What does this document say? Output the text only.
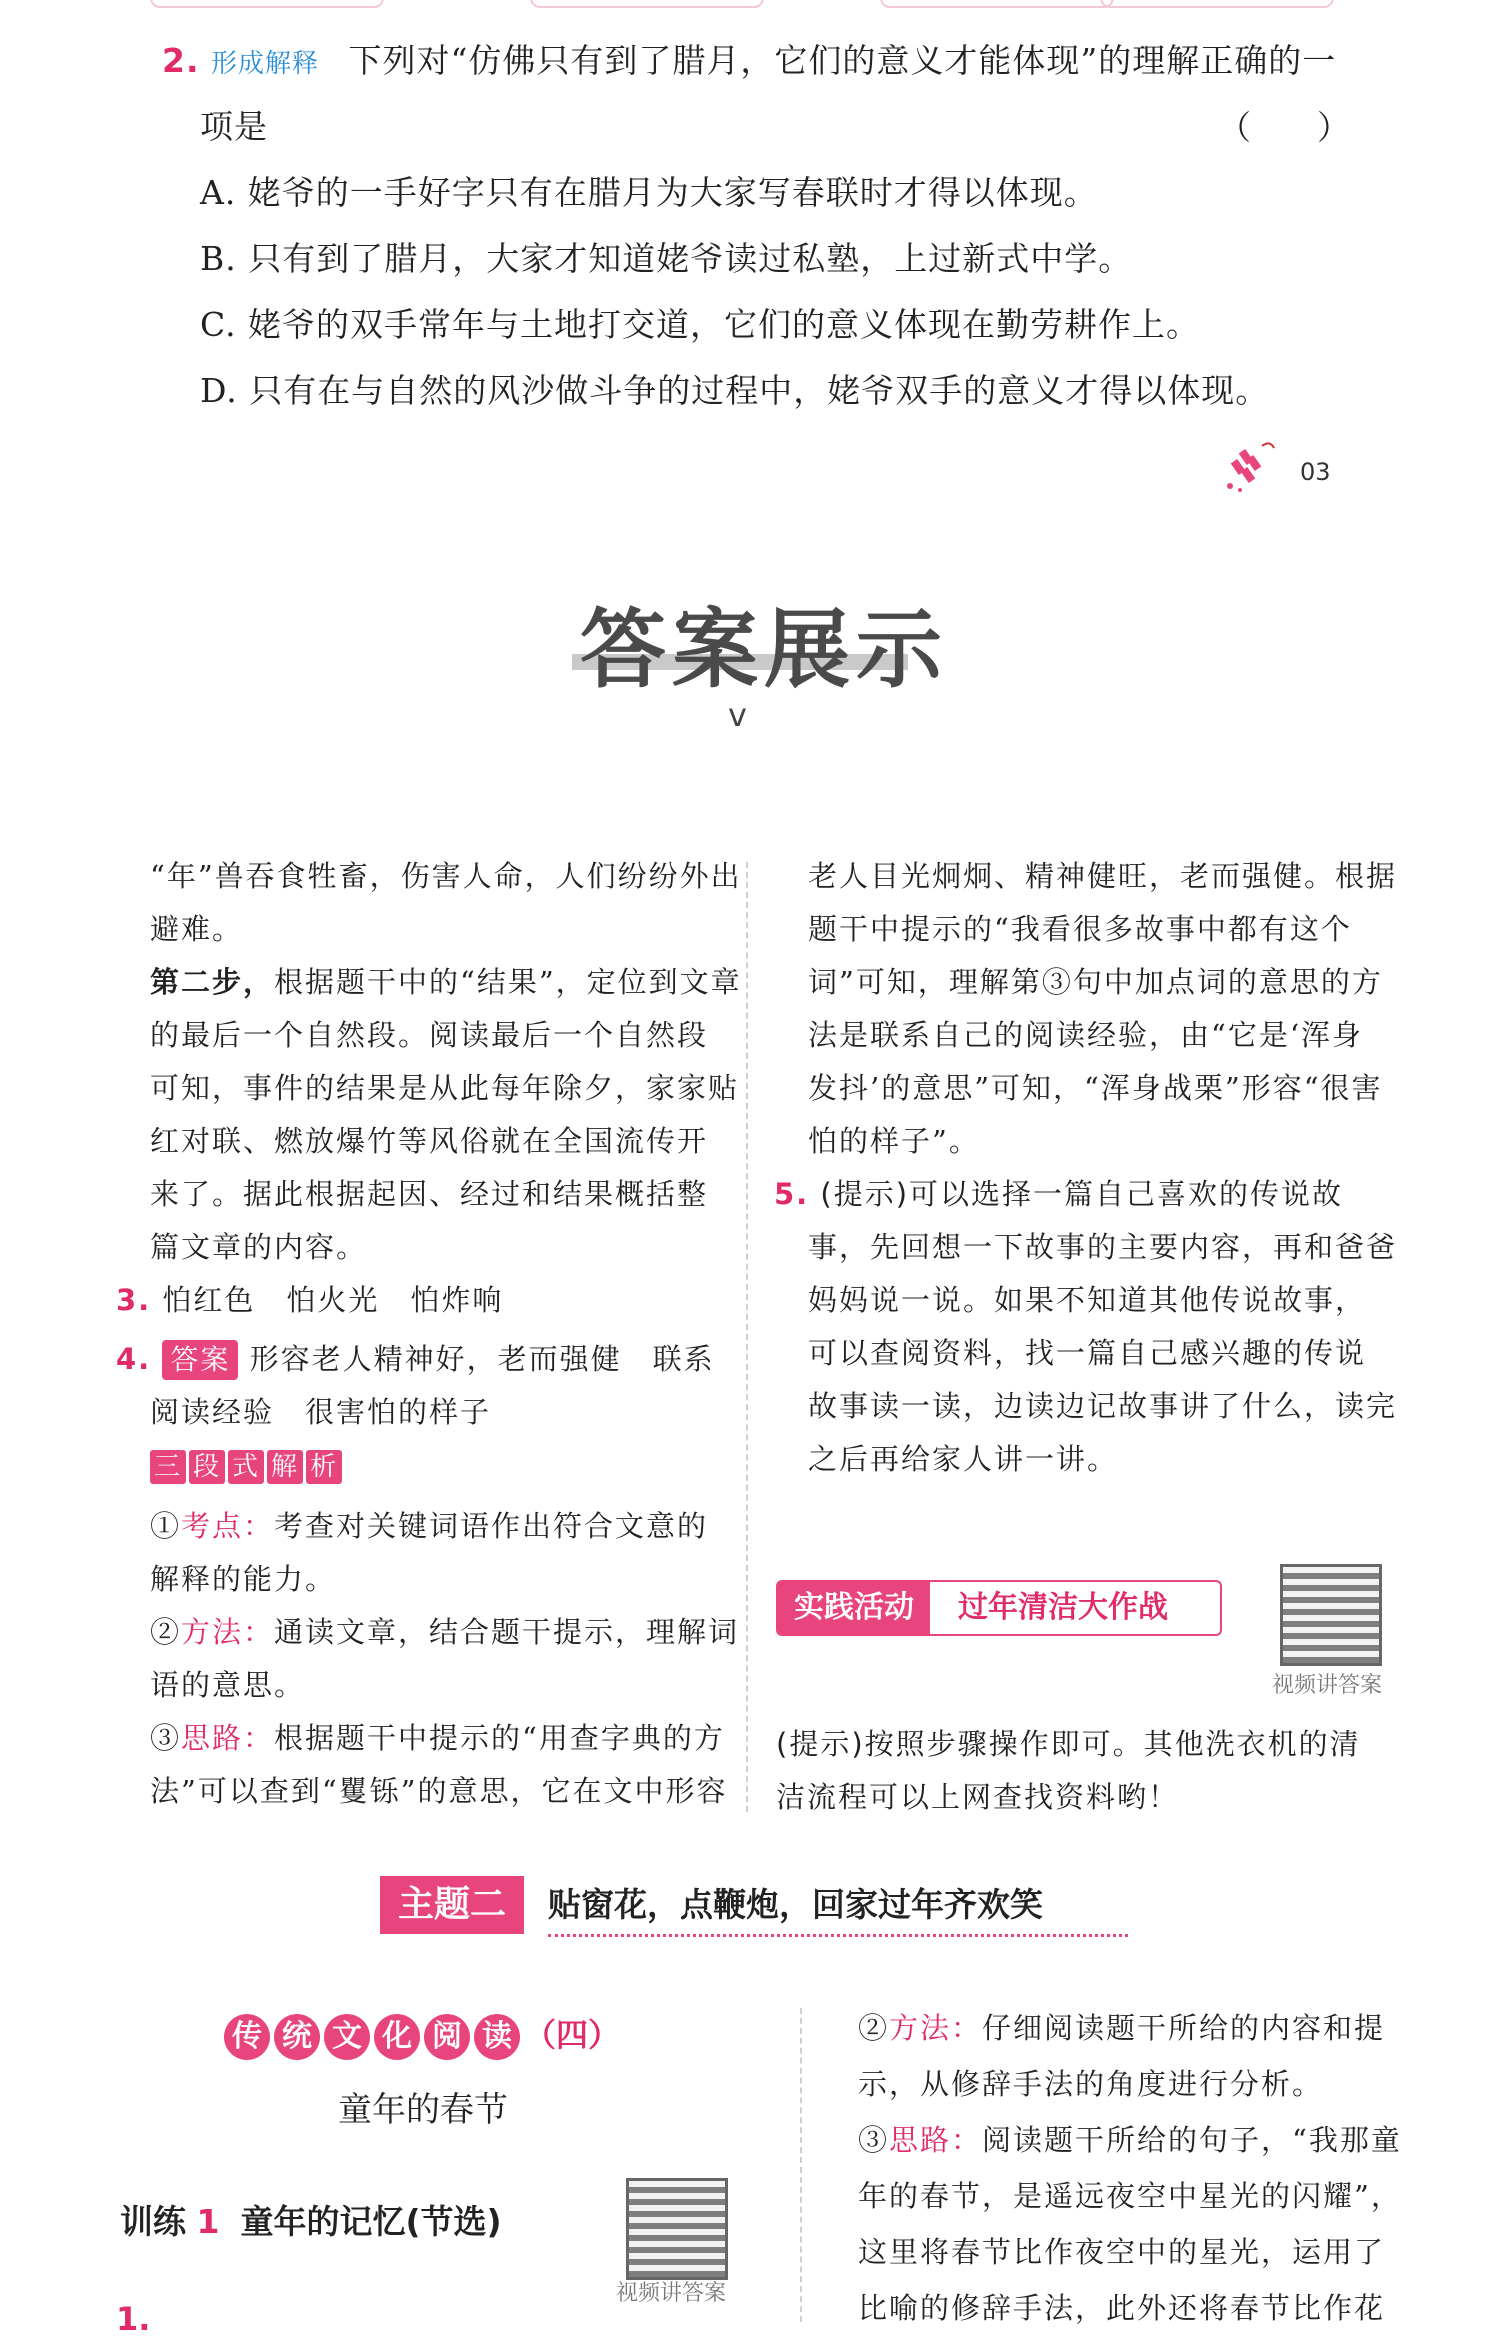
2. 形成解释 下列对“仿佛只有到了腊月，它们的意义才能体现”的理解正确的一
项是	（　　）
A. 姥爷的一手好字只有在腊月为大家写春联时才得以体现。
B. 只有到了腊月，大家才知道姥爷读过私塾，上过新式中学。
C. 姥爷的双手常年与土地打交道，它们的意义体现在勤劳耕作上。
D. 只有在与自然的风沙做斗争的过程中，姥爷双手的意义才得以体现。
03
答案展示
v

“年”兽吞食牲畜，伤害人命，人们纷纷外出

避难。

第二步，根据题干中的“结果”，定位到文章

的最后一个自然段。阅读最后一个自然段

可知，事件的结果是从此每年除夕，家家贴

红对联、燃放爆竹等风俗就在全国流传开

来了。据此根据起因、经过和结果概括整

篇文章的内容。

3. 怕红色　怕火光　怕炸响

4. 答案 形容老人精神好，老而强健　联系

阅读经验　很害怕的样子

三 段 式 解 析

①考点：考查对关键词语作出符合文意的

解释的能力。

②方法：通读文章，结合题干提示，理解词

语的意思。

③思路：根据题干中提示的“用查字典的方

法”可以查到“矍铄”的意思，它在文中形容

老人目光炯炯、精神健旺，老而强健。根据

题干中提示的“我看很多故事中都有这个

词”可知，理解第③句中加点词的意思的方

法是联系自己的阅读经验，由“它是‘浑身

发抖’的意思”可知，“浑身战栗”形容“很害

怕的样子”。

5. (提示)可以选择一篇自己喜欢的传说故

事，先回想一下故事的主要内容，再和爸爸

妈妈说一说。如果不知道其他传说故事，

可以查阅资料，找一篇自己感兴趣的传说

故事读一读，边读边记故事讲了什么，读完

之后再给家人讲一讲。

实践活动	过年清洁大作战
视频讲答案

(提示)按照步骤操作即可。其他洗衣机的清

洁流程可以上网查找资料哟！

主题二	贴窗花，点鞭炮，回家过年齐欢笑
传 统 文 化 阅 读 （四）
童年的春节
训练 1 童年的记忆(节选)
视频讲答案
1.

②方法：仔细阅读题干所给的内容和提

示，从修辞手法的角度进行分析。

③思路：阅读题干所给的句子，“我那童

年的春节，是遥远夜空中星光的闪耀”，

这里将春节比作夜空中的星光，运用了

比喻的修辞手法，此外还将春节比作花
